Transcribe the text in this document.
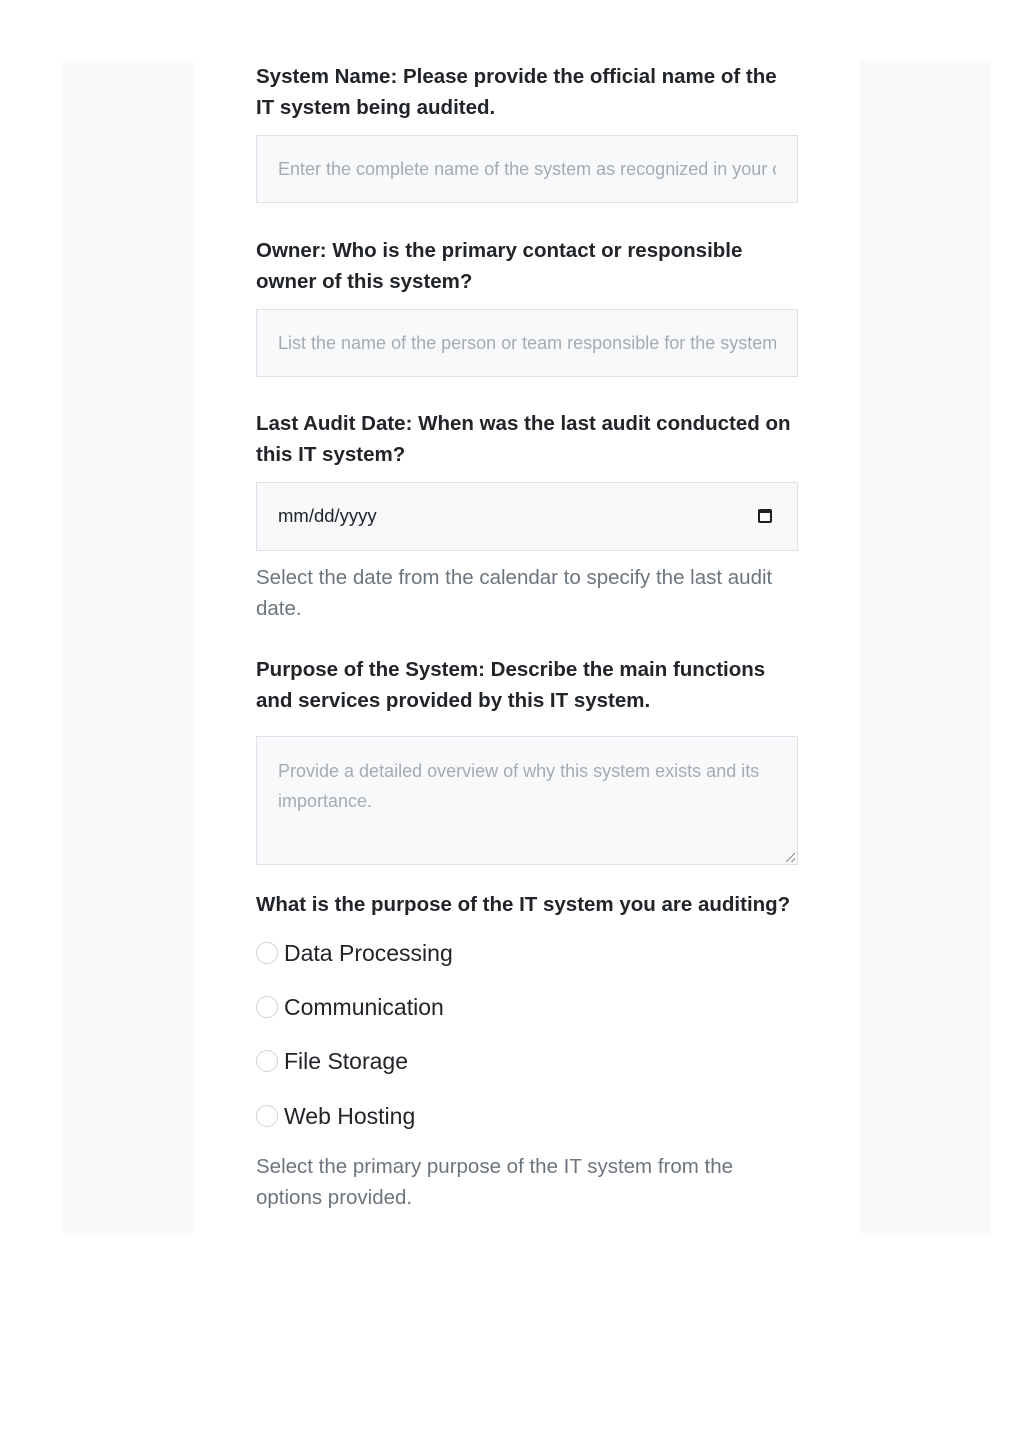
System Name: Please provide the official name of the IT system being audited.
Enter the complete name of the system as recognized in your organization
Owner: Who is the primary contact or responsible owner of this system?
List the name of the person or team responsible for the system
Last Audit Date: When was the last audit conducted on this IT system?
mm/dd/yyyy

Select the date from the calendar to specify the last audit date.

Purpose of the System: Describe the main functions and services provided by this IT system.
Provide a detailed overview of why this system exists and its importance.
What is the purpose of the IT system you are auditing?
Data Processing
Communication
File Storage
Web Hosting

Select the primary purpose of the IT system from the options provided.
